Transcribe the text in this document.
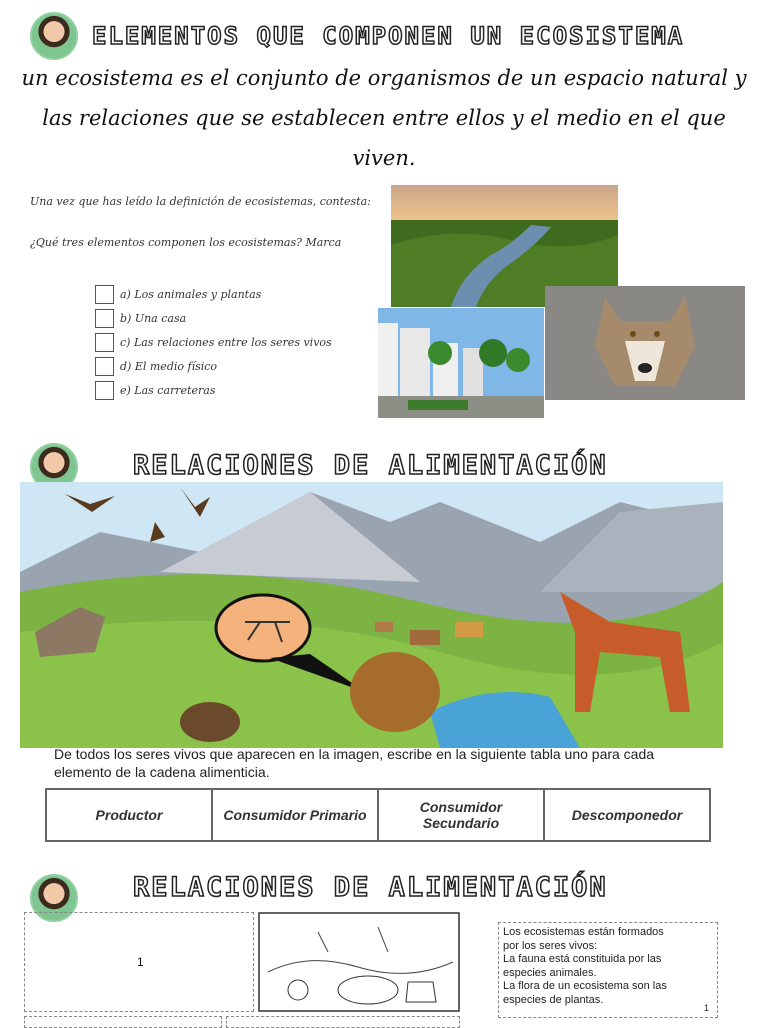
ELEMENTOS QUE COMPONEN UN ECOSISTEMA
un ecosistema es el conjunto de organismos de un espacio natural y las relaciones que se establecen entre ellos y el medio en el que viven.
Una vez que has leído la definición de ecosistemas, contesta:
¿Qué tres elementos componen los ecosistemas? Marca
a) Los animales y plantas
b) Una casa
c) Las relaciones entre los seres vivos
d) El medio físico
e) Las carreteras
RELACIONES DE ALIMENTACIÓN
De todos los seres vivos que aparecen en la imagen, escribe en la siguiente tabla uno para cada elemento de la cadena alimenticia.
Productor	Consumidor Primario	Consumidor Secundario	Descomponedor
RELACIONES DE ALIMENTACIÓN
1
Los ecosistemas están formados
por los seres vivos:
La fauna está constituida por las
especies animales.
La flora de un ecosistema son las
especies de plantas.
1
